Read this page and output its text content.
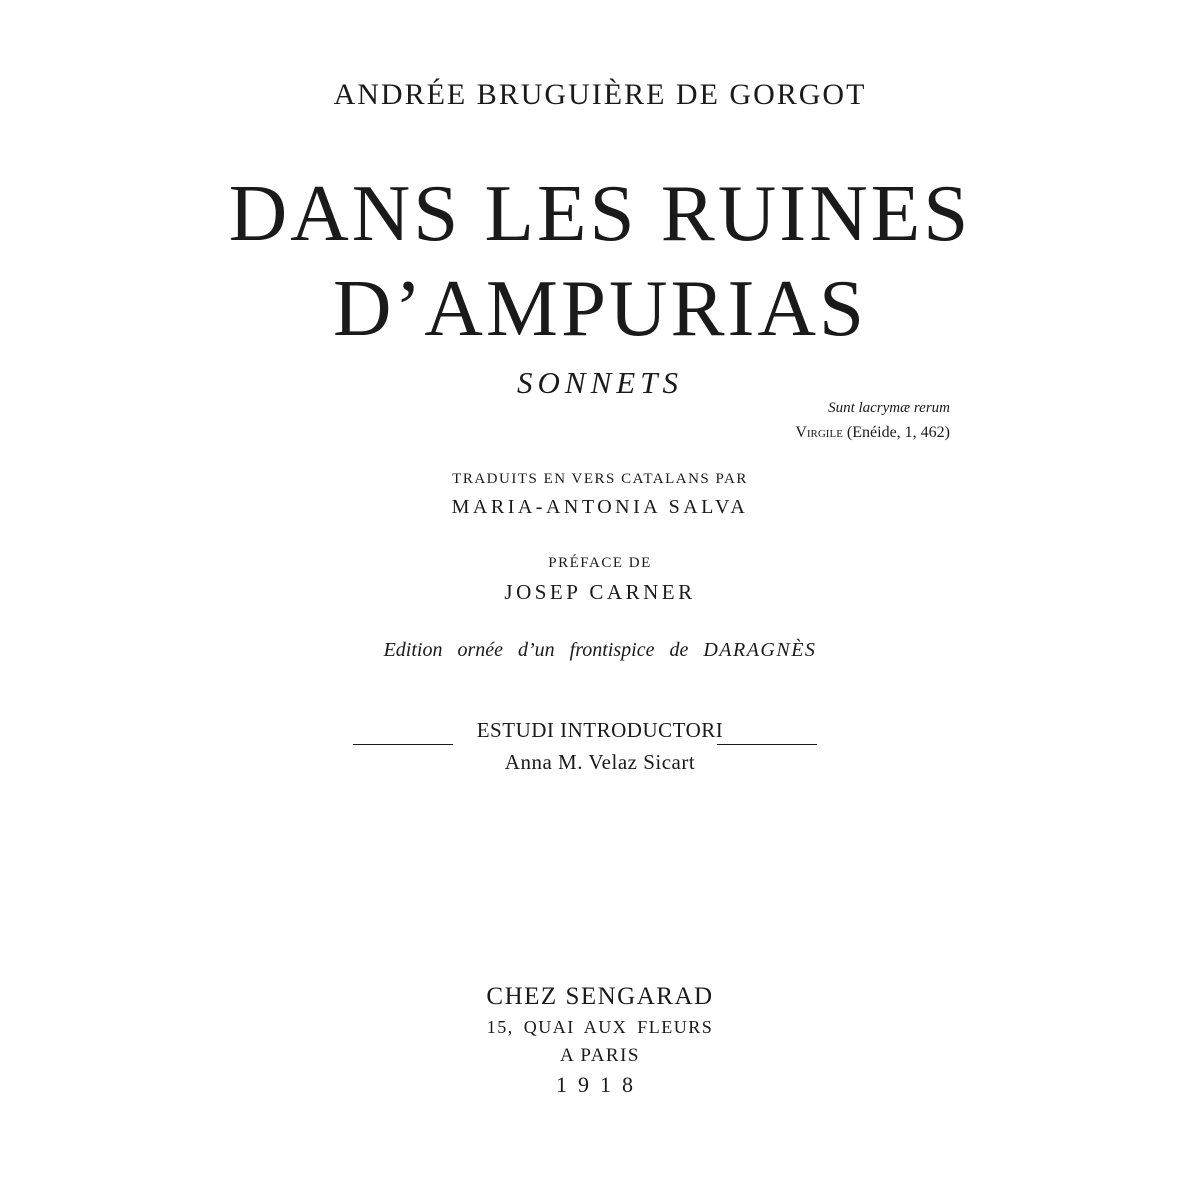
ANDRÉE BRUGUIÈRE DE GORGOT
DANS LES RUINES
D’AMPURIAS
SONNETS
Sunt lacrymæ rerum
Virgile (Enéide, 1, 462)
TRADUITS EN VERS CATALANS PAR
MARIA-ANTONIA SALVA
PRÉFACE DE
JOSEP CARNER
Edition ornée d’un frontispice de DARAGNÈS
ESTUDI INTRODUCTORI
Anna M. Velaz Sicart
CHEZ SENGARAD
15, QUAI AUX FLEURS
A PARIS
1918
